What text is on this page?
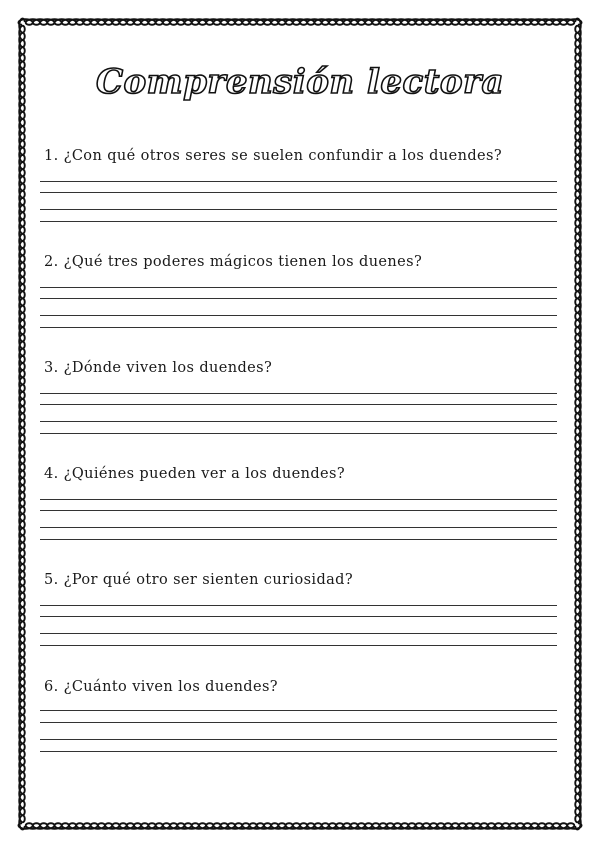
Comprensión lectora
1. ¿Con qué otros seres se suelen confundir a los duendes?
2. ¿Qué tres poderes mágicos tienen los duenes?
3. ¿Dónde viven los duendes?
4. ¿Quiénes pueden ver a los duendes?
5. ¿Por qué otro ser sienten curiosidad?
6. ¿Cuánto viven los duendes?
